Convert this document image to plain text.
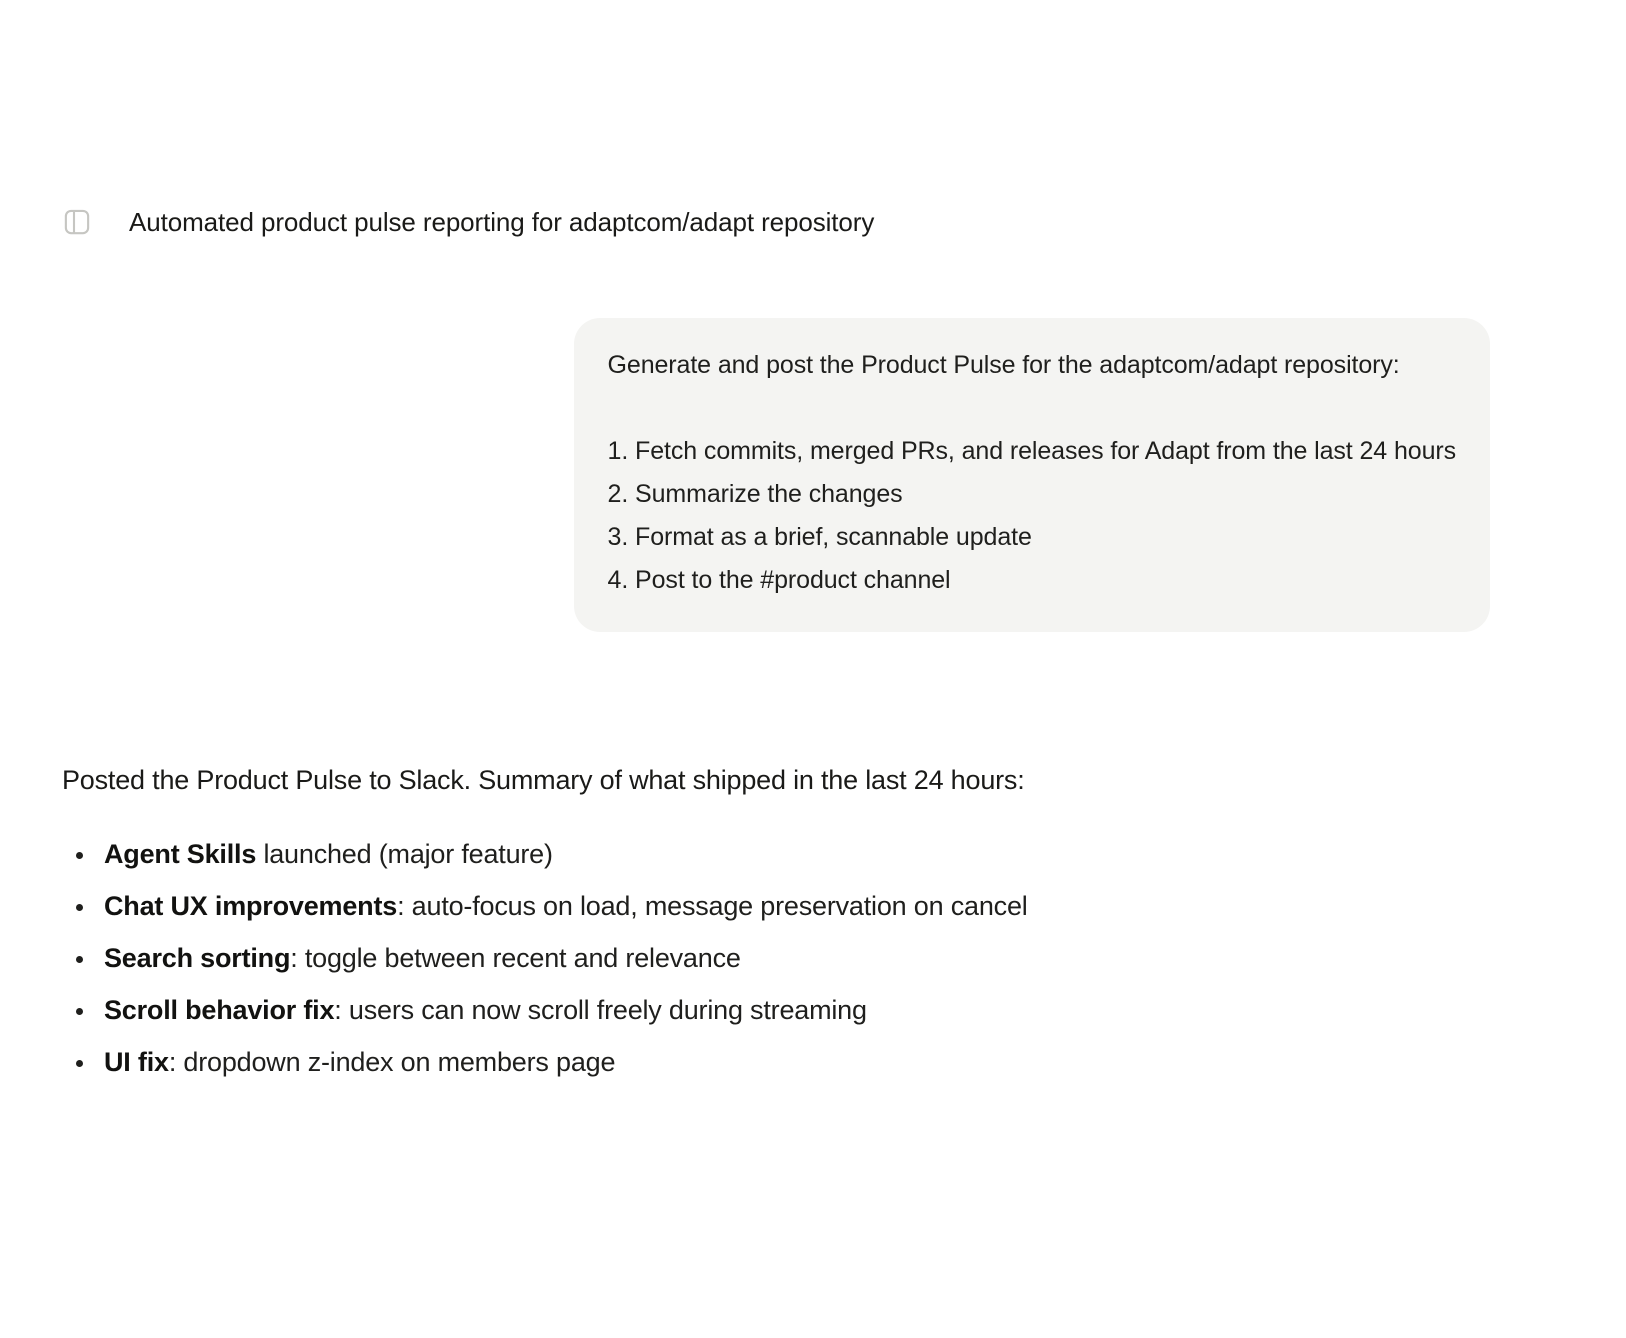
Automated product pulse reporting for adaptcom/adapt repository

Generate and post the Product Pulse for the adaptcom/adapt repository:

1. Fetch commits, merged PRs, and releases for Adapt from the last 24 hours
2. Summarize the changes
3. Format as a brief, scannable update
4. Post to the #product channel

Posted the Product Pulse to Slack. Summary of what shipped in the last 24 hours:

Agent Skills launched (major feature)
Chat UX improvements: auto-focus on load, message preservation on cancel
Search sorting: toggle between recent and relevance
Scroll behavior fix: users can now scroll freely during streaming
UI fix: dropdown z-index on members page
